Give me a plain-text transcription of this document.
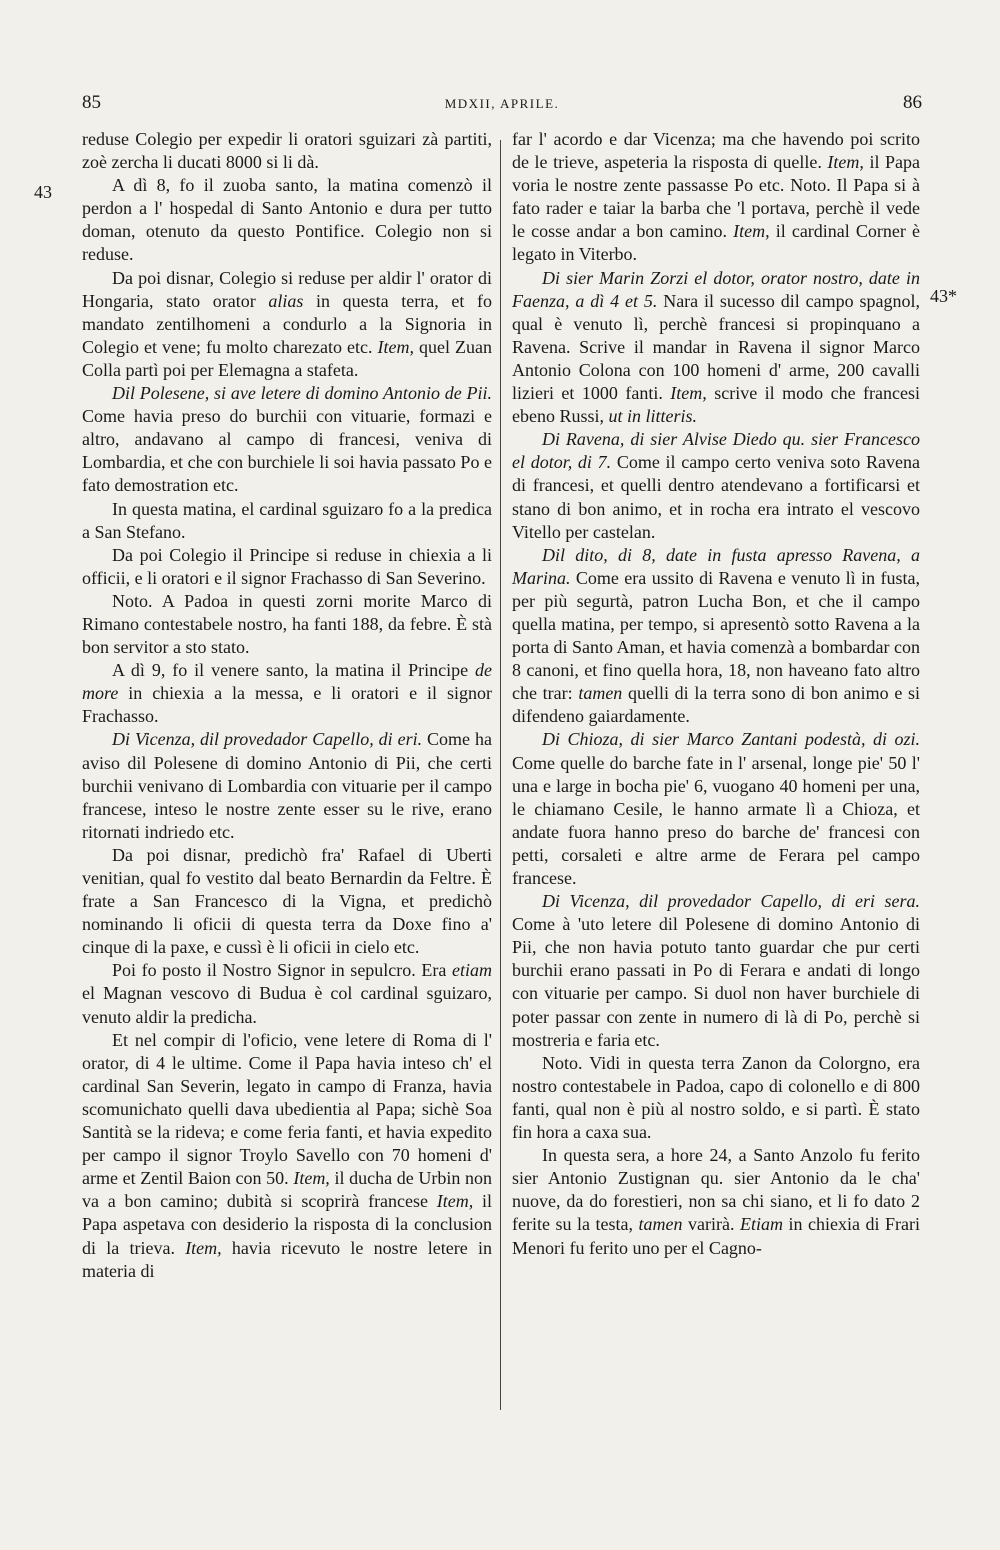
85	MDXII, APRILE.	86
43
43*

reduse Colegio per expedir li oratori sguizari zà partiti, zoè zercha li ducati 8000 si li dà.

A dì 8, fo il zuoba santo, la matina comenzò il perdon a l' hospedal di Santo Antonio e dura per tutto doman, otenuto da questo Pontifice. Colegio non si reduse.

Da poi disnar, Colegio si reduse per aldir l' orator di Hongaria, stato orator alias in questa terra, et fo mandato zentilhomeni a condurlo a la Signoria in Colegio et vene; fu molto charezato etc. Item, quel Zuan Colla partì poi per Elemagna a stafeta.

Dil Polesene, si ave letere di domino Antonio de Pii. Come havia preso do burchii con vituarie, formazi e altro, andavano al campo di francesi, veniva di Lombardia, et che con burchiele li soi havia passato Po e fato demostration etc.

In questa matina, el cardinal sguizaro fo a la predica a San Stefano.

Da poi Colegio il Principe si reduse in chiexia a li officii, e li oratori e il signor Frachasso di San Severino.

Noto. A Padoa in questi zorni morite Marco di Rimano contestabele nostro, ha fanti 188, da febre. È stà bon servitor a sto stato.

A dì 9, fo il venere santo, la matina il Principe de more in chiexia a la messa, e li oratori e il signor Frachasso.

Di Vicenza, dil provedador Capello, di eri. Come ha aviso dil Polesene di domino Antonio di Pii, che certi burchii venivano di Lombardia con vituarie per il campo francese, inteso le nostre zente esser su le rive, erano ritornati indriedo etc.

Da poi disnar, predichò fra' Rafael di Uberti venitian, qual fo vestito dal beato Bernardin da Feltre. È frate a San Francesco di la Vigna, et predichò nominando li oficii di questa terra da Doxe fino a' cinque di la paxe, e cussì è li oficii in cielo etc.

Poi fo posto il Nostro Signor in sepulcro. Era etiam el Magnan vescovo di Budua è col cardinal sguizaro, venuto aldir la predicha.

Et nel compir di l'oficio, vene letere di Roma di l' orator, di 4 le ultime. Come il Papa havia inteso ch' el cardinal San Severin, legato in campo di Franza, havia scomunichato quelli dava ubedientia al Papa; sichè Soa Santità se la rideva; e come feria fanti, et havia expedito per campo il signor Troylo Savello con 70 homeni d' arme et Zentil Baion con 50. Item, il ducha de Urbin non va a bon camino; dubità si scoprirà francese Item, il Papa aspetava con desiderio la risposta di la conclusion di la trieva. Item, havia ricevuto le nostre letere in materia di

far l' acordo e dar Vicenza; ma che havendo poi scrito de le trieve, aspeteria la risposta di quelle. Item, il Papa voria le nostre zente passasse Po etc. Noto. Il Papa si à fato rader e taiar la barba che 'l portava, perchè il vede le cosse andar a bon camino. Item, il cardinal Corner è legato in Viterbo.

Di sier Marin Zorzi el dotor, orator nostro, date in Faenza, a dì 4 et 5. Nara il sucesso dil campo spagnol, qual è venuto lì, perchè francesi si propinquano a Ravena. Scrive il mandar in Ravena il signor Marco Antonio Colona con 100 homeni d' arme, 200 cavalli lizieri et 1000 fanti. Item, scrive il modo che francesi ebeno Russi, ut in litteris.

Di Ravena, di sier Alvise Diedo qu. sier Francesco el dotor, di 7. Come il campo certo veniva soto Ravena di francesi, et quelli dentro atendevano a fortificarsi et stano di bon animo, et in rocha era intrato el vescovo Vitello per castelan.

Dil dito, di 8, date in fusta apresso Ravena, a Marina. Come era ussito di Ravena e venuto lì in fusta, per più segurtà, patron Lucha Bon, et che il campo quella matina, per tempo, si apresentò sotto Ravena a la porta di Santo Aman, et havia comenzà a bombardar con 8 canoni, et fino quella hora, 18, non haveano fato altro che trar: tamen quelli di la terra sono di bon animo e si difendeno gaiardamente.

Di Chioza, di sier Marco Zantani podestà, di ozi. Come quelle do barche fate in l' arsenal, longe pie' 50 l' una e large in bocha pie' 6, vuogano 40 homeni per una, le chiamano Cesile, le hanno armate lì a Chioza, et andate fuora hanno preso do barche de' francesi con petti, corsaleti e altre arme de Ferara pel campo francese.

Di Vicenza, dil provedador Capello, di eri sera. Come à 'uto letere dil Polesene di domino Antonio di Pii, che non havia potuto tanto guardar che pur certi burchii erano passati in Po di Ferara e andati di longo con vituarie per campo. Si duol non haver burchiele di poter passar con zente in numero di là di Po, perchè si mostreria e faria etc.

Noto. Vidi in questa terra Zanon da Colorgno, era nostro contestabele in Padoa, capo di colonello e di 800 fanti, qual non è più al nostro soldo, e si partì. È stato fin hora a caxa sua.

In questa sera, a hore 24, a Santo Anzolo fu ferito sier Antonio Zustignan qu. sier Antonio da le cha' nuove, da do forestieri, non sa chi siano, et li fo dato 2 ferite su la testa, tamen varirà. Etiam in chiexia di Frari Menori fu ferito uno per el Cagno-
